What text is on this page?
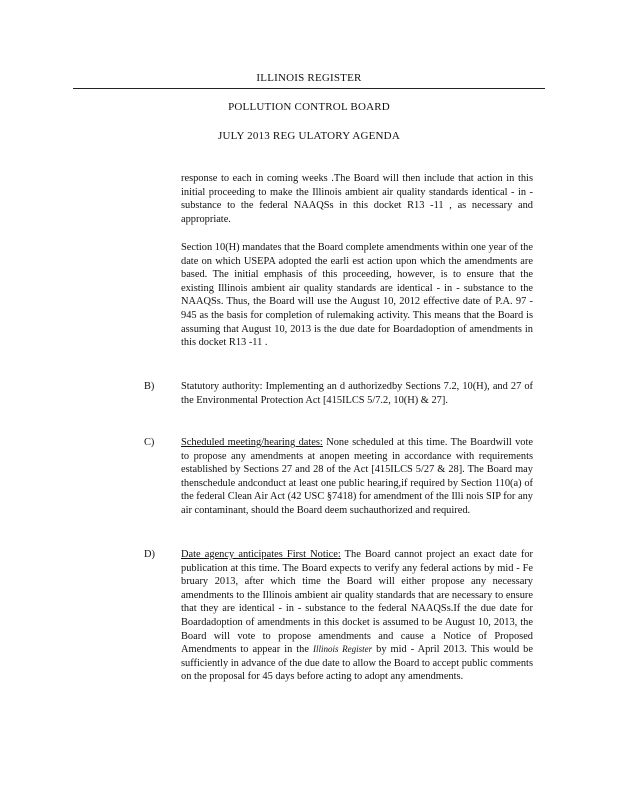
ILLINOIS REGISTER
POLLUTION CONTROL BOARD
JULY 2013 REG ULATORY AGENDA

response to each in coming weeks .The Board will then include that action in this initial proceeding to make the Illinois ambient air quality standards identical - in - substance to the federal NAAQSs in this docket R13 -11 , as necessary and appropriate.

Section 10(H) mandates that the Board complete amendments within one year of the date on which USEPA adopted the earli est action upon which the amendments are based. The initial emphasis of this proceeding, however, is to ensure that the existing Illinois ambient air quality standards are identical - in - substance to the NAAQSs. Thus, the Board will use the August 10, 2012 effective date of P.A. 97 - 945 as the basis for completion of rulemaking activity. This means that the Board is assuming that August 10, 2013 is the due date for Boardadoption of amendments in this docket R13 -11 .

B)	Statutory authority: Implementing an d authorizedby Sections 7.2, 10(H), and 27 of the Environmental Protection Act [415ILCS 5/7.2, 10(H) & 27].

C)	Scheduled meeting/hearing dates: None scheduled at this time. The Boardwill vote to propose any amendments at anopen meeting in accordance with requirements established by Sections 27 and 28 of the Act [415ILCS 5/27 & 28]. The Board may thenschedule andconduct at least one public hearing,if required by Section 110(a) of the federal Clean Air Act (42 USC §7418) for amendment of the Illi nois SIP for any air contaminant, should the Board deem suchauthorized and required.

D)	Date agency anticipates First Notice: The Board cannot project an exact date for publication at this time. The Board expects to verify any federal actions by mid - Fe bruary 2013, after which time the Board will either propose any necessary amendments to the Illinois ambient air quality standards that are necessary to ensure that they are identical - in - substance to the federal NAAQSs.If the due date for Boardadoption of amendments in this docket is assumed to be August 10, 2013, the Board will vote to propose amendments and cause a Notice of Proposed Amendments to appear in the Illinois Register by mid - April 2013. This would be sufficiently in advance of the due date to allow the Board to accept public comments on the proposal for 45 days before acting to adopt any amendments.
